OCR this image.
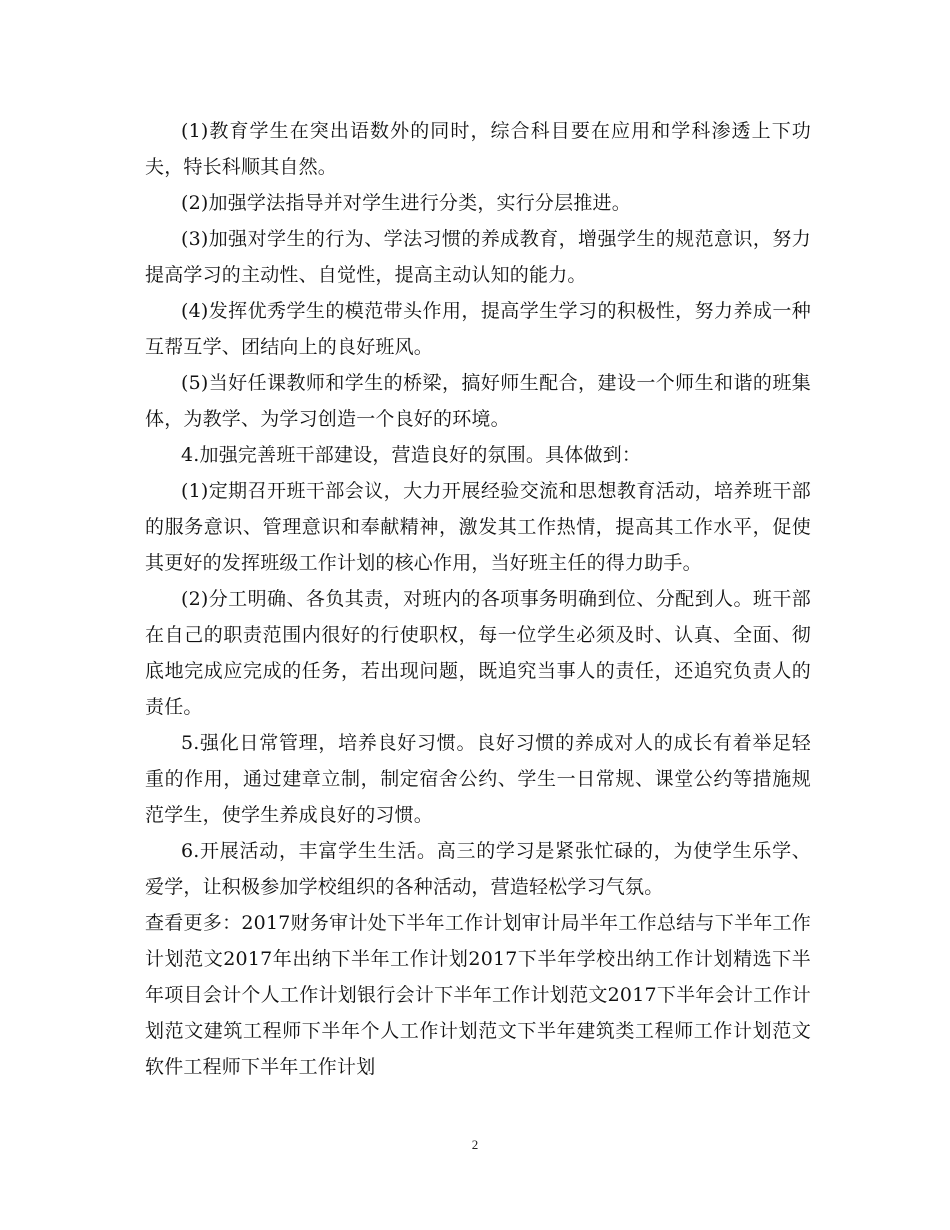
(1)教育学生在突出语数外的同时，综合科目要在应用和学科渗透上下功夫，特长科顺其自然。

(2)加强学法指导并对学生进行分类，实行分层推进。

(3)加强对学生的行为、学法习惯的养成教育，增强学生的规范意识，努力提高学习的主动性、自觉性，提高主动认知的能力。

(4)发挥优秀学生的模范带头作用，提高学生学习的积极性，努力养成一种互帮互学、团结向上的良好班风。

(5)当好任课教师和学生的桥梁，搞好师生配合，建设一个师生和谐的班集体，为教学、为学习创造一个良好的环境。

4.加强完善班干部建设，营造良好的氛围。具体做到：

(1)定期召开班干部会议，大力开展经验交流和思想教育活动，培养班干部的服务意识、管理意识和奉献精神，激发其工作热情，提高其工作水平，促使其更好的发挥班级工作计划的核心作用，当好班主任的得力助手。

(2)分工明确、各负其责，对班内的各项事务明确到位、分配到人。班干部在自己的职责范围内很好的行使职权，每一位学生必须及时、认真、全面、彻底地完成应完成的任务，若出现问题，既追究当事人的责任，还追究负责人的责任。

5.强化日常管理，培养良好习惯。良好习惯的养成对人的成长有着举足轻重的作用，通过建章立制，制定宿舍公约、学生一日常规、课堂公约等措施规范学生，使学生养成良好的习惯。

6.开展活动，丰富学生生活。高三的学习是紧张忙碌的，为使学生乐学、爱学，让积极参加学校组织的各种活动，营造轻松学习气氛。

查看更多：2017财务审计处下半年工作计划审计局半年工作总结与下半年工作计划范文2017年出纳下半年工作计划2017下半年学校出纳工作计划精选下半年项目会计个人工作计划银行会计下半年工作计划范文2017下半年会计工作计划范文建筑工程师下半年个人工作计划范文下半年建筑类工程师工作计划范文软件工程师下半年工作计划

2
